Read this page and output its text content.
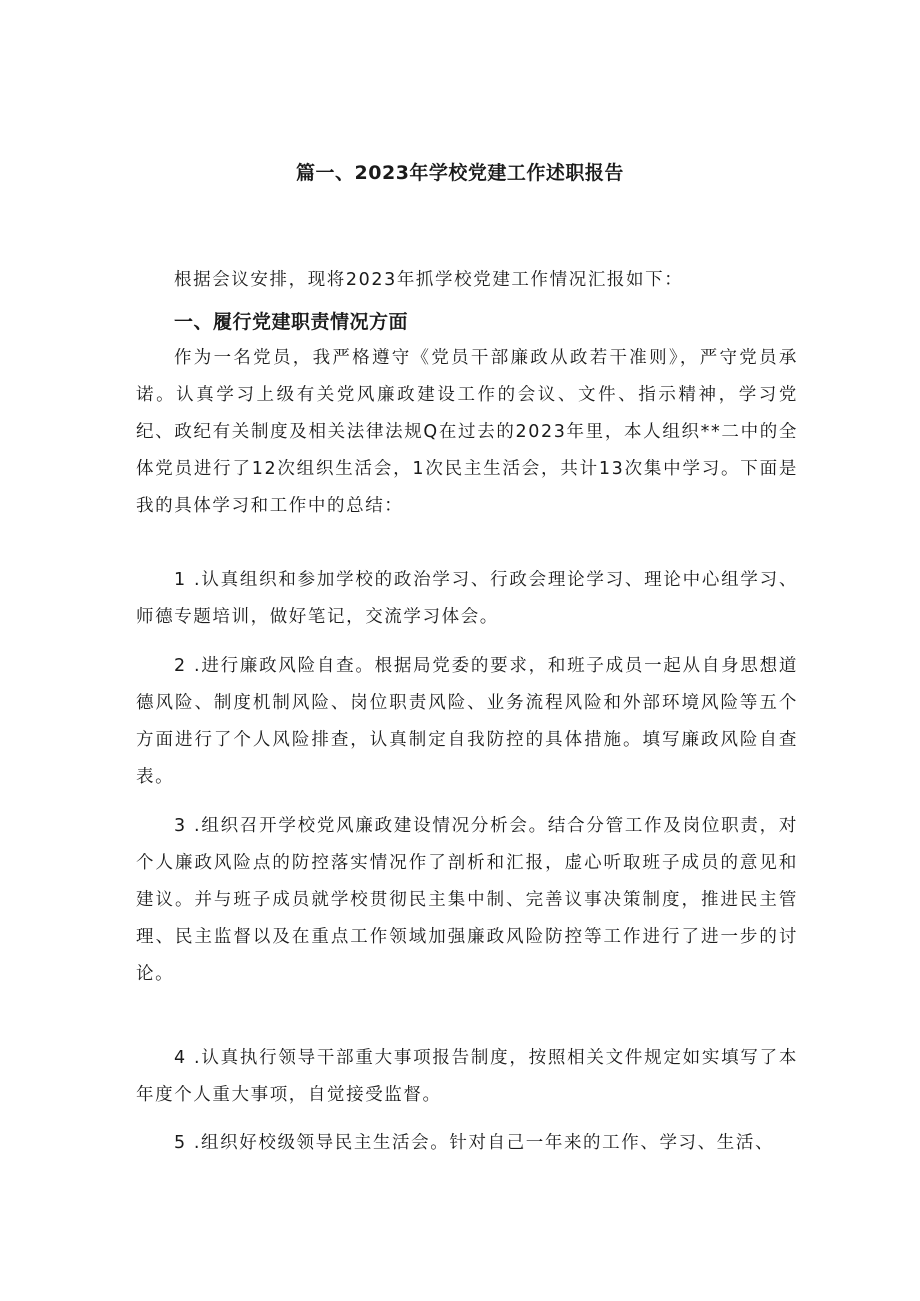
篇一、2023年学校党建工作述职报告
根据会议安排，现将2023年抓学校党建工作情况汇报如下：
一、履行党建职责情况方面
作为一名党员，我严格遵守《党员干部廉政从政若干准则》，严守党员承诺。认真学习上级有关党风廉政建设工作的会议、文件、指示精神，学习党纪、政纪有关制度及相关法律法规Q在过去的2023年里，本人组织**二中的全体党员进行了12次组织生活会，1次民主生活会，共计13次集中学习。下面是我的具体学习和工作中的总结：
1 .认真组织和参加学校的政治学习、行政会理论学习、理论中心组学习、师德专题培训，做好笔记，交流学习体会。
2 .进行廉政风险自查。根据局党委的要求，和班子成员一起从自身思想道德风险、制度机制风险、岗位职责风险、业务流程风险和外部环境风险等五个方面进行了个人风险排查，认真制定自我防控的具体措施。填写廉政风险自查表。
3 .组织召开学校党风廉政建设情况分析会。结合分管工作及岗位职责，对个人廉政风险点的防控落实情况作了剖析和汇报，虚心听取班子成员的意见和建议。并与班子成员就学校贯彻民主集中制、完善议事决策制度，推进民主管理、民主监督以及在重点工作领域加强廉政风险防控等工作进行了进一步的讨论。
4 .认真执行领导干部重大事项报告制度，按照相关文件规定如实填写了本年度个人重大事项，自觉接受监督。
5 .组织好校级领导民主生活会。针对自己一年来的工作、学习、生活、
